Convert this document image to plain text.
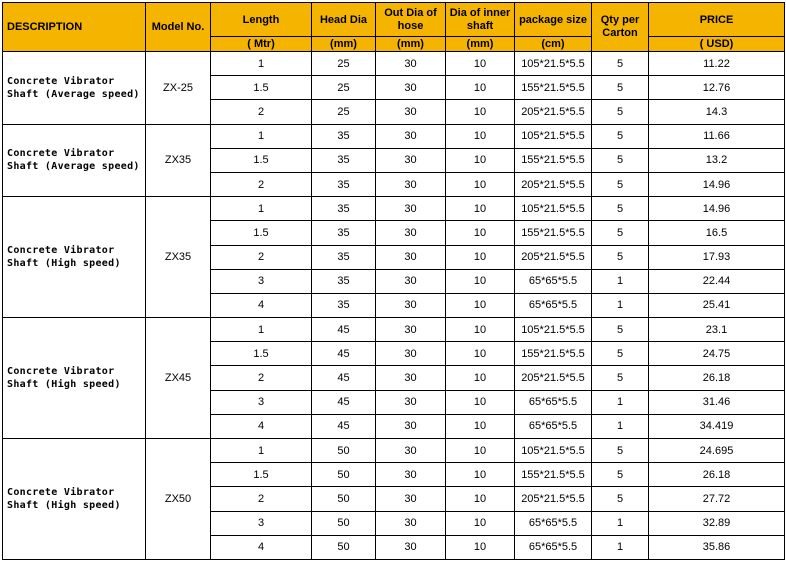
DESCRIPTION	Model No.	Length	Head Dia	Out Dia of hose	Dia of inner shaft	package size	Qty per Carton	PRICE
		( Mtr)	(mm)	(mm)	(mm)	(cm)		( USD)
Concrete Vibrator Shaft (Average speed)	ZX-25	1	25	30	10	105*21.5*5.5	5	11.22
		1.5	25	30	10	155*21.5*5.5	5	12.76
		2	25	30	10	205*21.5*5.5	5	14.3
Concrete Vibrator Shaft (Average speed)	ZX35	1	35	30	10	105*21.5*5.5	5	11.66
		1.5	35	30	10	155*21.5*5.5	5	13.2
		2	35	30	10	205*21.5*5.5	5	14.96
Concrete Vibrator Shaft (High speed)	ZX35	1	35	30	10	105*21.5*5.5	5	14.96
		1.5	35	30	10	155*21.5*5.5	5	16.5
		2	35	30	10	205*21.5*5.5	5	17.93
		3	35	30	10	65*65*5.5	1	22.44
		4	35	30	10	65*65*5.5	1	25.41
Concrete Vibrator Shaft (High speed)	ZX45	1	45	30	10	105*21.5*5.5	5	23.1
		1.5	45	30	10	155*21.5*5.5	5	24.75
		2	45	30	10	205*21.5*5.5	5	26.18
		3	45	30	10	65*65*5.5	1	31.46
		4	45	30	10	65*65*5.5	1	34.419
Concrete Vibrator Shaft (High speed)	ZX50	1	50	30	10	105*21.5*5.5	5	24.695
		1.5	50	30	10	155*21.5*5.5	5	26.18
		2	50	30	10	205*21.5*5.5	5	27.72
		3	50	30	10	65*65*5.5	1	32.89
		4	50	30	10	65*65*5.5	1	35.86
